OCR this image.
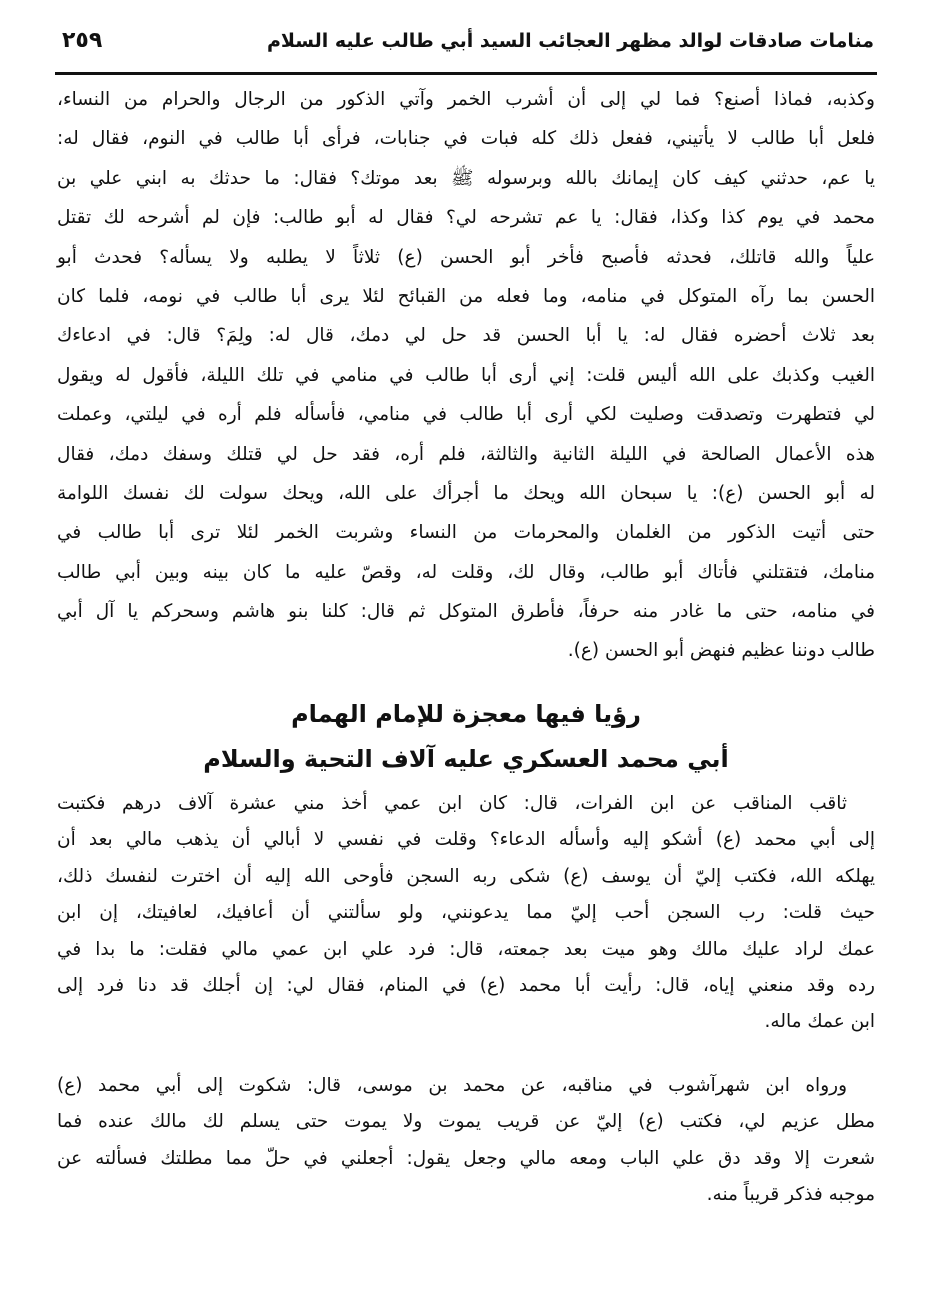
منامات صادقات لوالد مظهر العجائب السيد أبي طالب عليه السلام
٢٥٩
وكذبه، فماذا أصنع؟ فما لي إلى أن أشرب الخمر وآتي الذكور من الرجال والحرام من النساء،
فلعل أبا طالب لا يأتيني، ففعل ذلك كله فبات في جنابات، فرأى أبا طالب في النوم، فقال له:
يا عم، حدثني كيف كان إيمانك بالله وبرسوله ﷺ بعد موتك؟ فقال: ما حدثك به ابني علي بن
محمد في يوم كذا وكذا، فقال: يا عم تشرحه لي؟ فقال له أبو طالب: فإن لم أشرحه لك تقتل
علياً والله قاتلك، فحدثه فأصبح فأخر أبو الحسن (ع) ثلاثاً لا يطلبه ولا يسأله؟ فحدث أبو
الحسن بما رآه المتوكل في منامه، وما فعله من القبائح لئلا يرى أبا طالب في نومه، فلما كان
بعد ثلاث أحضره فقال له: يا أبا الحسن قد حل لي دمك، قال له: ولِمَ؟ قال: في ادعاءك
الغيب وكذبك على الله أليس قلت: إني أرى أبا طالب في منامي في تلك الليلة، فأقول له ويقول
لي فتطهرت وتصدقت وصليت لكي أرى أبا طالب في منامي، فأسأله فلم أره في ليلتي، وعملت
هذه الأعمال الصالحة في الليلة الثانية والثالثة، فلم أره، فقد حل لي قتلك وسفك دمك، فقال
له أبو الحسن (ع): يا سبحان الله ويحك ما أجرأك على الله، ويحك سولت لك نفسك اللوامة
حتى أتيت الذكور من الغلمان والمحرمات من النساء وشربت الخمر لئلا ترى أبا طالب في
منامك، فتقتلني فأتاك أبو طالب، وقال لك، وقلت له، وقصّ عليه ما كان بينه وبين أبي طالب
في منامه، حتى ما غادر منه حرفاً، فأطرق المتوكل ثم قال: كلنا بنو هاشم وسحركم يا آل أبي
طالب دوننا عظيم فنهض أبو الحسن (ع).
رؤيا فيها معجزة للإمام الهمام
أبي محمد العسكري عليه آلاف التحية والسلام
ثاقب المناقب عن ابن الفرات، قال: كان ابن عمي أخذ مني عشرة آلاف درهم فكتبت
إلى أبي محمد (ع) أشكو إليه وأسأله الدعاء؟ وقلت في نفسي لا أبالي أن يذهب مالي بعد أن
يهلكه الله، فكتب إليّ أن يوسف (ع) شكى ربه السجن فأوحى الله إليه أن اخترت لنفسك ذلك،
حيث قلت: رب السجن أحب إليّ مما يدعونني، ولو سألتني أن أعافيك، لعافيتك، إن ابن
عمك لراد عليك مالك وهو ميت بعد جمعته، قال: فرد علي ابن عمي مالي فقلت: ما بدا في
رده وقد منعني إياه، قال: رأيت أبا محمد (ع) في المنام، فقال لي: إن أجلك قد دنا فرد إلى
ابن عمك ماله.
ورواه ابن شهرآشوب في مناقبه، عن محمد بن موسى، قال: شكوت إلى أبي محمد (ع)
مطل عزيم لي، فكتب (ع) إليّ عن قريب يموت ولا يموت حتى يسلم لك مالك عنده فما
شعرت إلا وقد دق علي الباب ومعه مالي وجعل يقول: أجعلني في حلّ مما مطلتك فسألته عن
موجبه فذكر قريباً منه.
